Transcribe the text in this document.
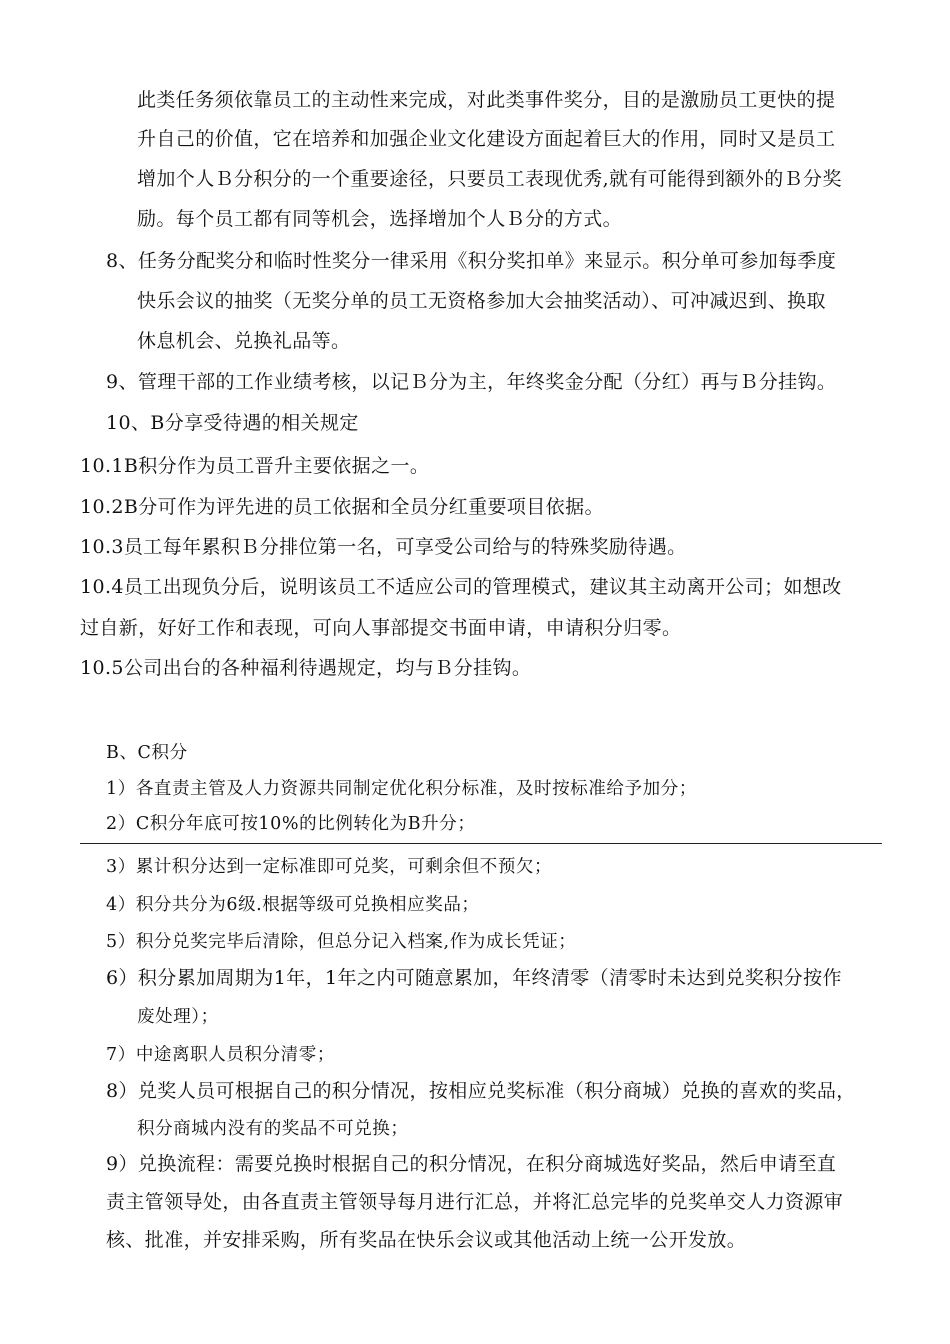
此类任务须依靠员工的主动性来完成，对此类事件奖分，目的是激励员工更快的提
升自己的价值，它在培养和加强企业文化建设方面起着巨大的作用，同时又是员工
增加个人Ｂ分积分的一个重要途径，只要员工表现优秀,就有可能得到额外的Ｂ分奖
励。每个员工都有同等机会，选择增加个人Ｂ分的方式。
8、任务分配奖分和临时性奖分一律采用《积分奖扣单》来显示。积分单可参加每季度
快乐会议的抽奖（无奖分单的员工无资格参加大会抽奖活动）、可冲减迟到、换取
休息机会、兑换礼品等。
9、管理干部的工作业绩考核，以记Ｂ分为主，年终奖金分配（分红）再与Ｂ分挂钩。
10、B分享受待遇的相关规定
10.1B积分作为员工晋升主要依据之一。
10.2B分可作为评先进的员工依据和全员分红重要项目依据。
10.3员工每年累积Ｂ分排位第一名，可享受公司给与的特殊奖励待遇。
10.4员工出现负分后，说明该员工不适应公司的管理模式，建议其主动离开公司；如想改
过自新，好好工作和表现，可向人事部提交书面申请，申请积分归零。
10.5公司出台的各种福利待遇规定，均与Ｂ分挂钩。
B、C积分
1）各直责主管及人力资源共同制定优化积分标准，及时按标准给予加分；
2）C积分年底可按10%的比例转化为B升分；
3）累计积分达到一定标准即可兑奖，可剩余但不预欠；
4）积分共分为6级.根据等级可兑换相应奖品；
5）积分兑奖完毕后清除，但总分记入档案,作为成长凭证；
6）积分累加周期为1年，1年之内可随意累加，年终清零（清零时未达到兑奖积分按作
废处理）；
7）中途离职人员积分清零；
8）兑奖人员可根据自己的积分情况，按相应兑奖标准（积分商城）兑换的喜欢的奖品，
积分商城内没有的奖品不可兑换；
9）兑换流程：需要兑换时根据自己的积分情况，在积分商城选好奖品，然后申请至直
责主管领导处，由各直责主管领导每月进行汇总，并将汇总完毕的兑奖单交人力资源审
核、批准，并安排采购，所有奖品在快乐会议或其他活动上统一公开发放。
